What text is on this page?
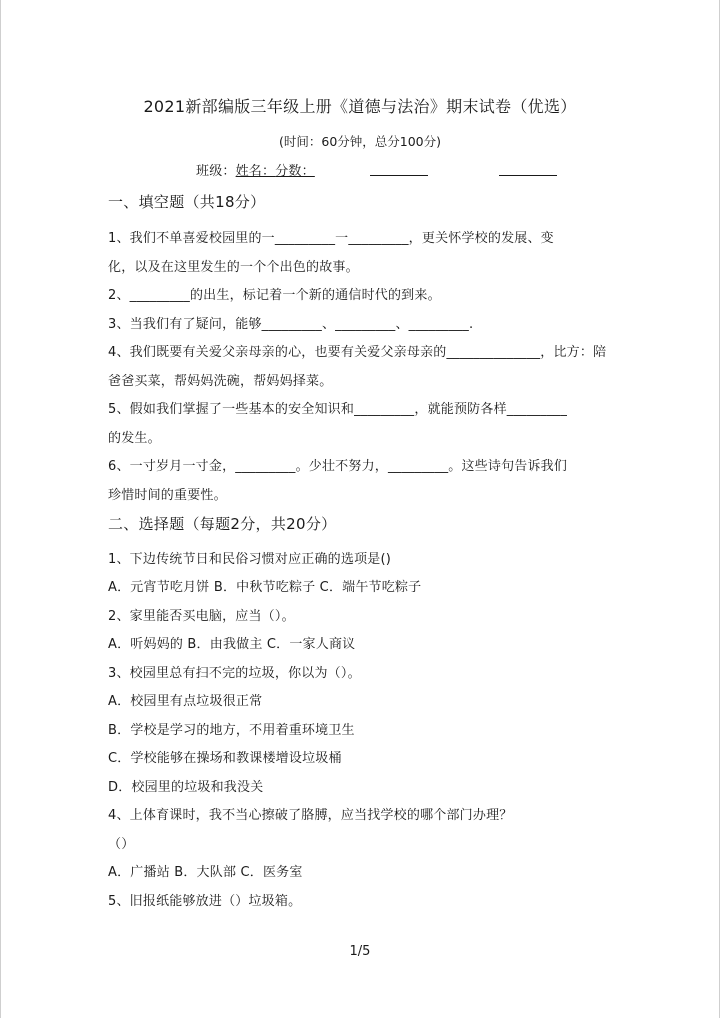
2021新部编版三年级上册《道德与法治》期末试卷（优选）
(时间：60分钟，总分100分)
班级：姓名：分数：
一、填空题（共18分）
1、我们不单喜爱校园里的一_________一_________，更关怀学校的发展、变
化，以及在这里发生的一个个出色的故事。
2、_________的出生，标记着一个新的通信时代的到来。
3、当我们有了疑问，能够_________、_________、_________.
4、我们既要有关爱父亲母亲的心，也要有关爱父亲母亲的______________，比方：陪
爸爸买菜，帮妈妈洗碗，帮妈妈择菜。
5、假如我们掌握了一些基本的安全知识和_________，就能预防各样_________
的发生。
6、一寸岁月一寸金，_________。少壮不努力，_________。这些诗句告诉我们
珍惜时间的重要性。
二、选择题（每题2分，共20分）
1、下边传统节日和民俗习惯对应正确的选项是()
A．元宵节吃月饼 B．中秋节吃粽子 C．端午节吃粽子
2、家里能否买电脑，应当（）。
A．听妈妈的 B．由我做主 C．一家人商议
3、校园里总有扫不完的垃圾，你以为（）。
A．校园里有点垃圾很正常
B．学校是学习的地方，不用着重环境卫生
C．学校能够在操场和教课楼增设垃圾桶
D．校园里的垃圾和我没关
4、上体育课时，我不当心擦破了胳膊，应当找学校的哪个部门办理？
（）
A．广播站 B．大队部 C．医务室
5、旧报纸能够放进（）垃圾箱。
1/5
